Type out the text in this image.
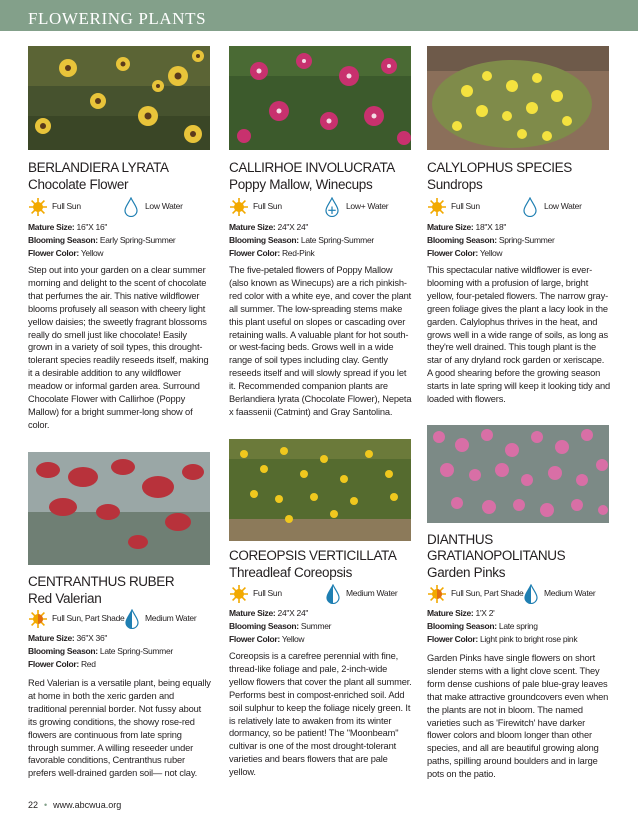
FLOWERING PLANTS
BERLANDIERA LYRATA
Chocolate Flower
Full Sun	Low Water
Mature Size: 16"X 16"
Blooming Season: Early Spring-Summer
Flower Color: Yellow
Step out into your garden on a clear summer morning and delight to the scent of chocolate that perfumes the air. This native wildflower blooms profusely all season with cheery light yellow daisies; the sweetly fragrant blossoms really do smell just like chocolate! Easily grown in a variety of soil types, this drought-tolerant species readily reseeds itself, making it a desirable addition to any wildflower meadow or informal garden area. Surround Chocolate Flower with Callirhoe (Poppy Mallow) for a bright summer-long show of color.
CALLIRHOE INVOLUCRATA
Poppy Mallow, Winecups
Full Sun	Low+ Water
Mature Size: 24"X 24"
Blooming Season: Late Spring-Summer
Flower Color: Red-Pink
The five-petaled flowers of Poppy Mallow (also known as Winecups) are a rich pinkish-red color with a white eye, and cover the plant all summer. The low-spreading stems make this plant useful on slopes or cascading over retaining walls. A valuable plant for hot south- or west-facing beds. Grows well in a wide range of soil types including clay. Gently reseeds itself and will slowly spread if you let it. Recommended companion plants are Berlandiera lyrata (Chocolate Flower), Nepeta x faassenii (Catmint) and Gray Santolina.
CALYLOPHUS SPECIES
Sundrops
Full Sun	Low Water
Mature Size: 18"X 18"
Blooming Season: Spring-Summer
Flower Color: Yellow
This spectacular native wildflower is ever-blooming with a profusion of large, bright yellow, four-petaled flowers. The narrow gray-green foliage gives the plant a lacy look in the garden. Calylophus thrives in the heat, and grows well in a wide range of soils, as long as they're well drained. This tough plant is the star of any dryland rock garden or xeriscape. A good shearing before the growing season starts in late spring will keep it looking tidy and loaded with flowers.
CENTRANTHUS RUBER
Red Valerian
Full Sun, Part Shade Medium Water
Mature Size: 36"X 36"
Blooming Season: Late Spring-Summer
Flower Color: Red
Red Valerian is a versatile plant, being equally at home in both the xeric garden and traditional perennial border. Not fussy about its growing conditions, the showy rose-red flowers are continuous from late spring through summer. A willing reseeder under favorable conditions, Centranthus ruber prefers well-drained garden soil— not clay.
COREOPSIS VERTICILLATA
Threadleaf Coreopsis
Full Sun	Medium Water
Mature Size: 24"X 24"
Blooming Season: Summer
Flower Color: Yellow
Coreopsis is a carefree perennial with fine, thread-like foliage and pale, 2-inch-wide yellow flowers that cover the plant all summer. Performs best in compost-enriched soil. Add soil sulphur to keep the foliage nicely green. It is relatively late to awaken from its winter dormancy, so be patient! The "Moonbeam" cultivar is one of the most drought-tolerant varieties and bears flowers that are pale yellow.
DIANTHUS
GRATIANOPOLITANUS
Garden Pinks
Full Sun, Part Shade Medium Water
Mature Size: 1'X 2'
Blooming Season: Late spring
Flower Color: Light pink to bright rose pink
Garden Pinks have single flowers on short slender stems with a light clove scent. They form dense cushions of pale blue-gray leaves that make attractive groundcovers even when the plants are not in bloom. The named varieties such as 'Firewitch' have darker flower colors and bloom longer than other species, and all are beautiful growing along paths, spilling around boulders and in large pots on the patio.
22 • www.abcwua.org
